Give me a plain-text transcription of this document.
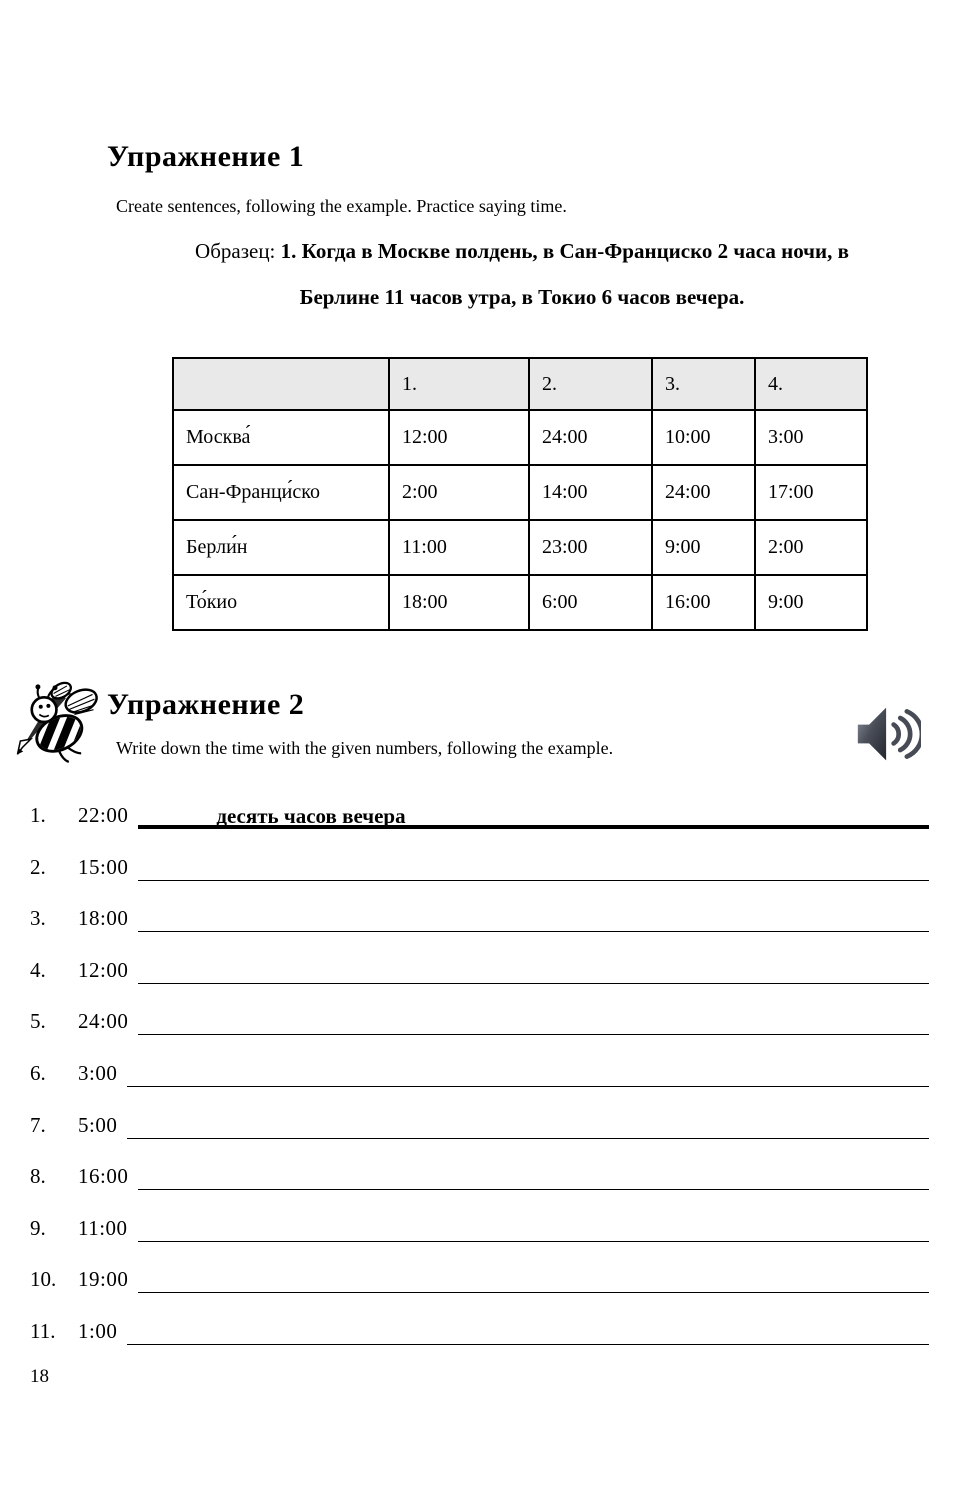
Упражнение 1
Create sentences, following the example. Practice saying time.
Образец: 1. Когда в Москве полдень, в Сан-Франциско 2 часа ночи, в
Берлине 11 часов утра, в Токио 6 часов вечера.
	1.	2.	3.	4.
Москва́	12:00	24:00	10:00	3:00
Сан-Франци́ско	2:00	14:00	24:00	17:00
Берли́н	11:00	23:00	9:00	2:00
То́кио	18:00	6:00	16:00	9:00
Упражнение 2
Write down the time with the given numbers, following the example.
1.	22:00	десять часов вечера
2.	15:00
3.	18:00
4.	12:00
5.	24:00
6.	3:00
7.	5:00
8.	16:00
9.	11:00
10.	19:00
11.	1:00
18
